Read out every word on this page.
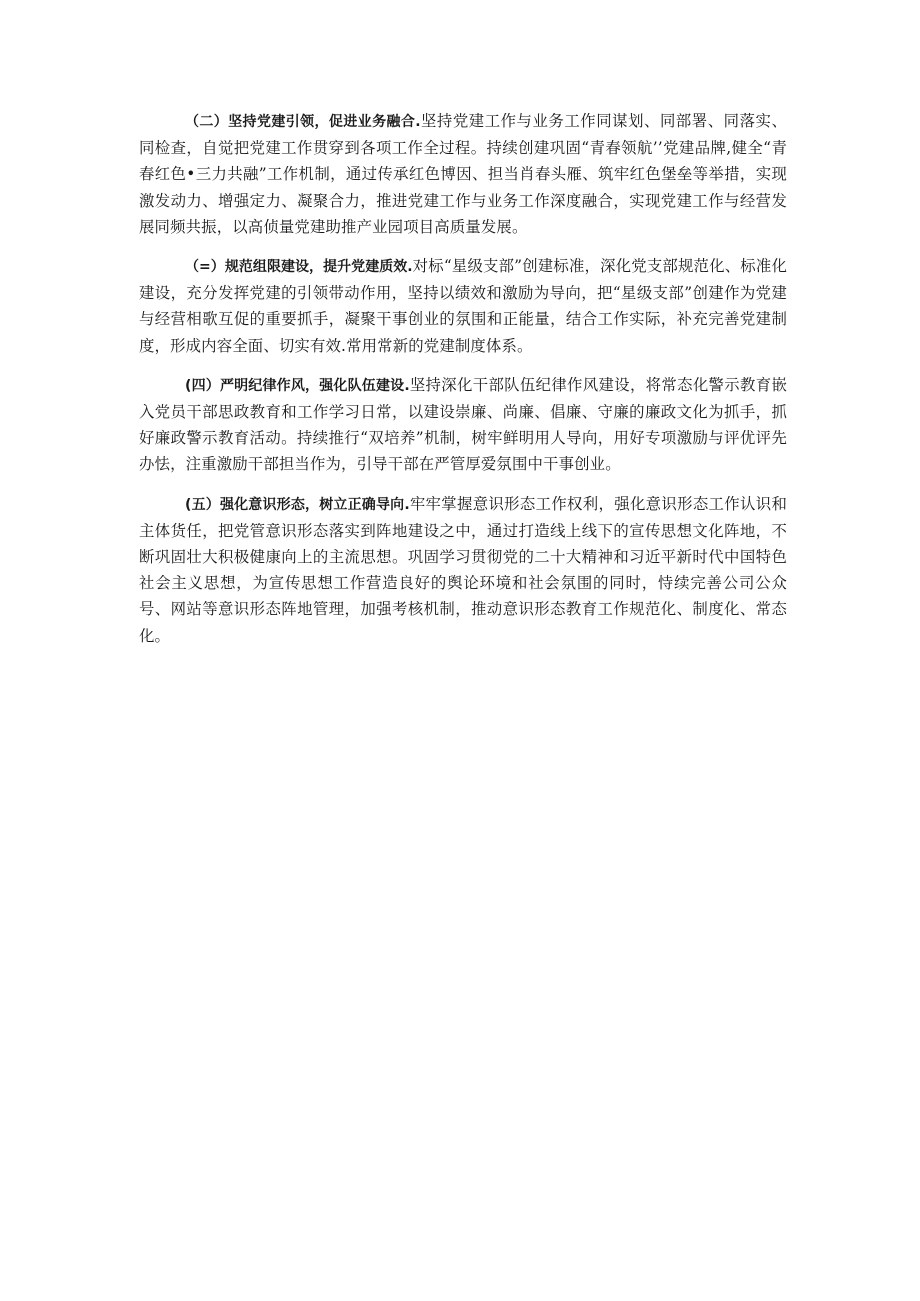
（二）坚持党建引领，促进业务融合.坚持党建工作与业务工作同谋划、同部署、同落实、同检查，自觉把党建工作贯穿到各项工作全过程。持续创建巩固“青春领航’’党建品牌,健全“青春红色•三力共融”工作机制，通过传承红色博因、担当肖春头雁、筑牢红色堡垒等举措，实现激发动力、增强定力、凝聚合力，推进党建工作与业务工作深度融合，实现党建工作与经营发展同频共振，以高侦量党建助推产业园项目高质量发展。

（=）规范组限建设，提升党建质效.对标“星级支部”创建标准，深化党支部规范化、标准化建设，充分发挥党建的引领带动作用，坚持以绩效和激励为导向，把“星级支部”创建作为党建与经营相歌互促的重要抓手，凝聚干事创业的氛围和正能量，结合工作实际，补充完善党建制度，形成内容全面、切实有效.常用常新的党建制度体系。

(四）严明纪律作风，强化队伍建设.坚持深化干部队伍纪律作风建设，将常态化警示教育嵌入党员干部思政教育和工作学习日常，以建设崇廉、尚廉、倡廉、守廉的廉政文化为抓手，抓好廉政警示教育活动。持续推行“双培养”机制，树牢鲜明用人导向，用好专项激励与评优评先办怯，注重激励干部担当作为，引导干部在严管厚爱氛围中干事创业。

(五）强化意识形态，树立正确导向.牢牢掌握意识形态工作权利，强化意识形态工作认识和主体货任，把党管意识形态落实到阵地建设之中，通过打造线上线下的宣传思想文化阵地，不断巩固壮大积极健康向上的主流思想。巩固学习贯彻党的二十大精神和习近平新时代中国特色社会主义思想，为宣传思想工作营造良好的舆论环境和社会氛围的同时，恃续完善公司公众号、网站等意识形态阵地管理，加强考核机制，推动意识形态教育工作规范化、制度化、常态化。
